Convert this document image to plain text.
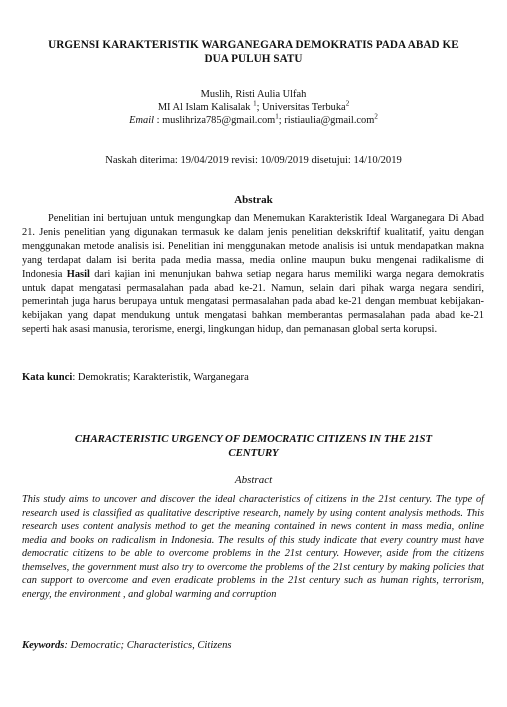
URGENSI KARAKTERISTIK WARGANEGARA DEMOKRATIS PADA ABAD KE
DUA PULUH SATU
Muslih, Risti Aulia Ulfah
MI Al Islam Kalisalak $^1$; Universitas Terbuka$^2$
Email : muslihriza785@gmail.com$^1$; ristiaulia@gmail.com$^2$
Naskah diterima: 19/04/2019 revisi: 10/09/2019 disetujui: 14/10/2019
Abstrak
Penelitian ini bertujuan untuk mengungkap dan Menemukan Karakteristik Ideal Warganegara Di Abad 21. Jenis penelitian yang digunakan termasuk ke dalam jenis penelitian dekskriftif kualitatif, yaitu dengan menggunakan metode analisis isi. Penelitian ini menggunakan metode analisis isi untuk mendapatkan makna yang terdapat dalam isi berita pada media massa, media online maupun buku mengenai radikalisme di Indonesia Hasil dari kajian ini menunjukan bahwa setiap negara harus memiliki warga negara demokratis untuk dapat mengatasi permasalahan pada abad ke-21. Namun, selain dari pihak warga negara sendiri, pemerintah juga harus berupaya untuk mengatasi permasalahan pada abad ke-21 dengan membuat kebijakan-kebijakan yang dapat mendukung untuk mengatasi bahkan memberantas permasalahan pada abad ke-21 seperti hak asasi manusia, terorisme, energi, lingkungan hidup, dan pemanasan global serta korupsi.
Kata kunci: Demokratis; Karakteristik, Warganegara
CHARACTERISTIC URGENCY OF DEMOCRATIC CITIZENS IN THE 21ST
CENTURY
Abstract
This study aims to uncover and discover the ideal characteristics of citizens in the 21st century. The type of research used is classified as qualitative descriptive research, namely by using content analysis methods. This research uses content analysis method to get the meaning contained in news content in mass media, online media and books on radicalism in Indonesia. The results of this study indicate that every country must have democratic citizens to be able to overcome problems in the 21st century. However, aside from the citizens themselves, the government must also try to overcome the problems of the 21st century by making policies that can support to overcome and even eradicate problems in the 21st century such as human rights, terrorism, energy, the environment , and global warming and corruption
Keywords: Democratic; Characteristics, Citizens
